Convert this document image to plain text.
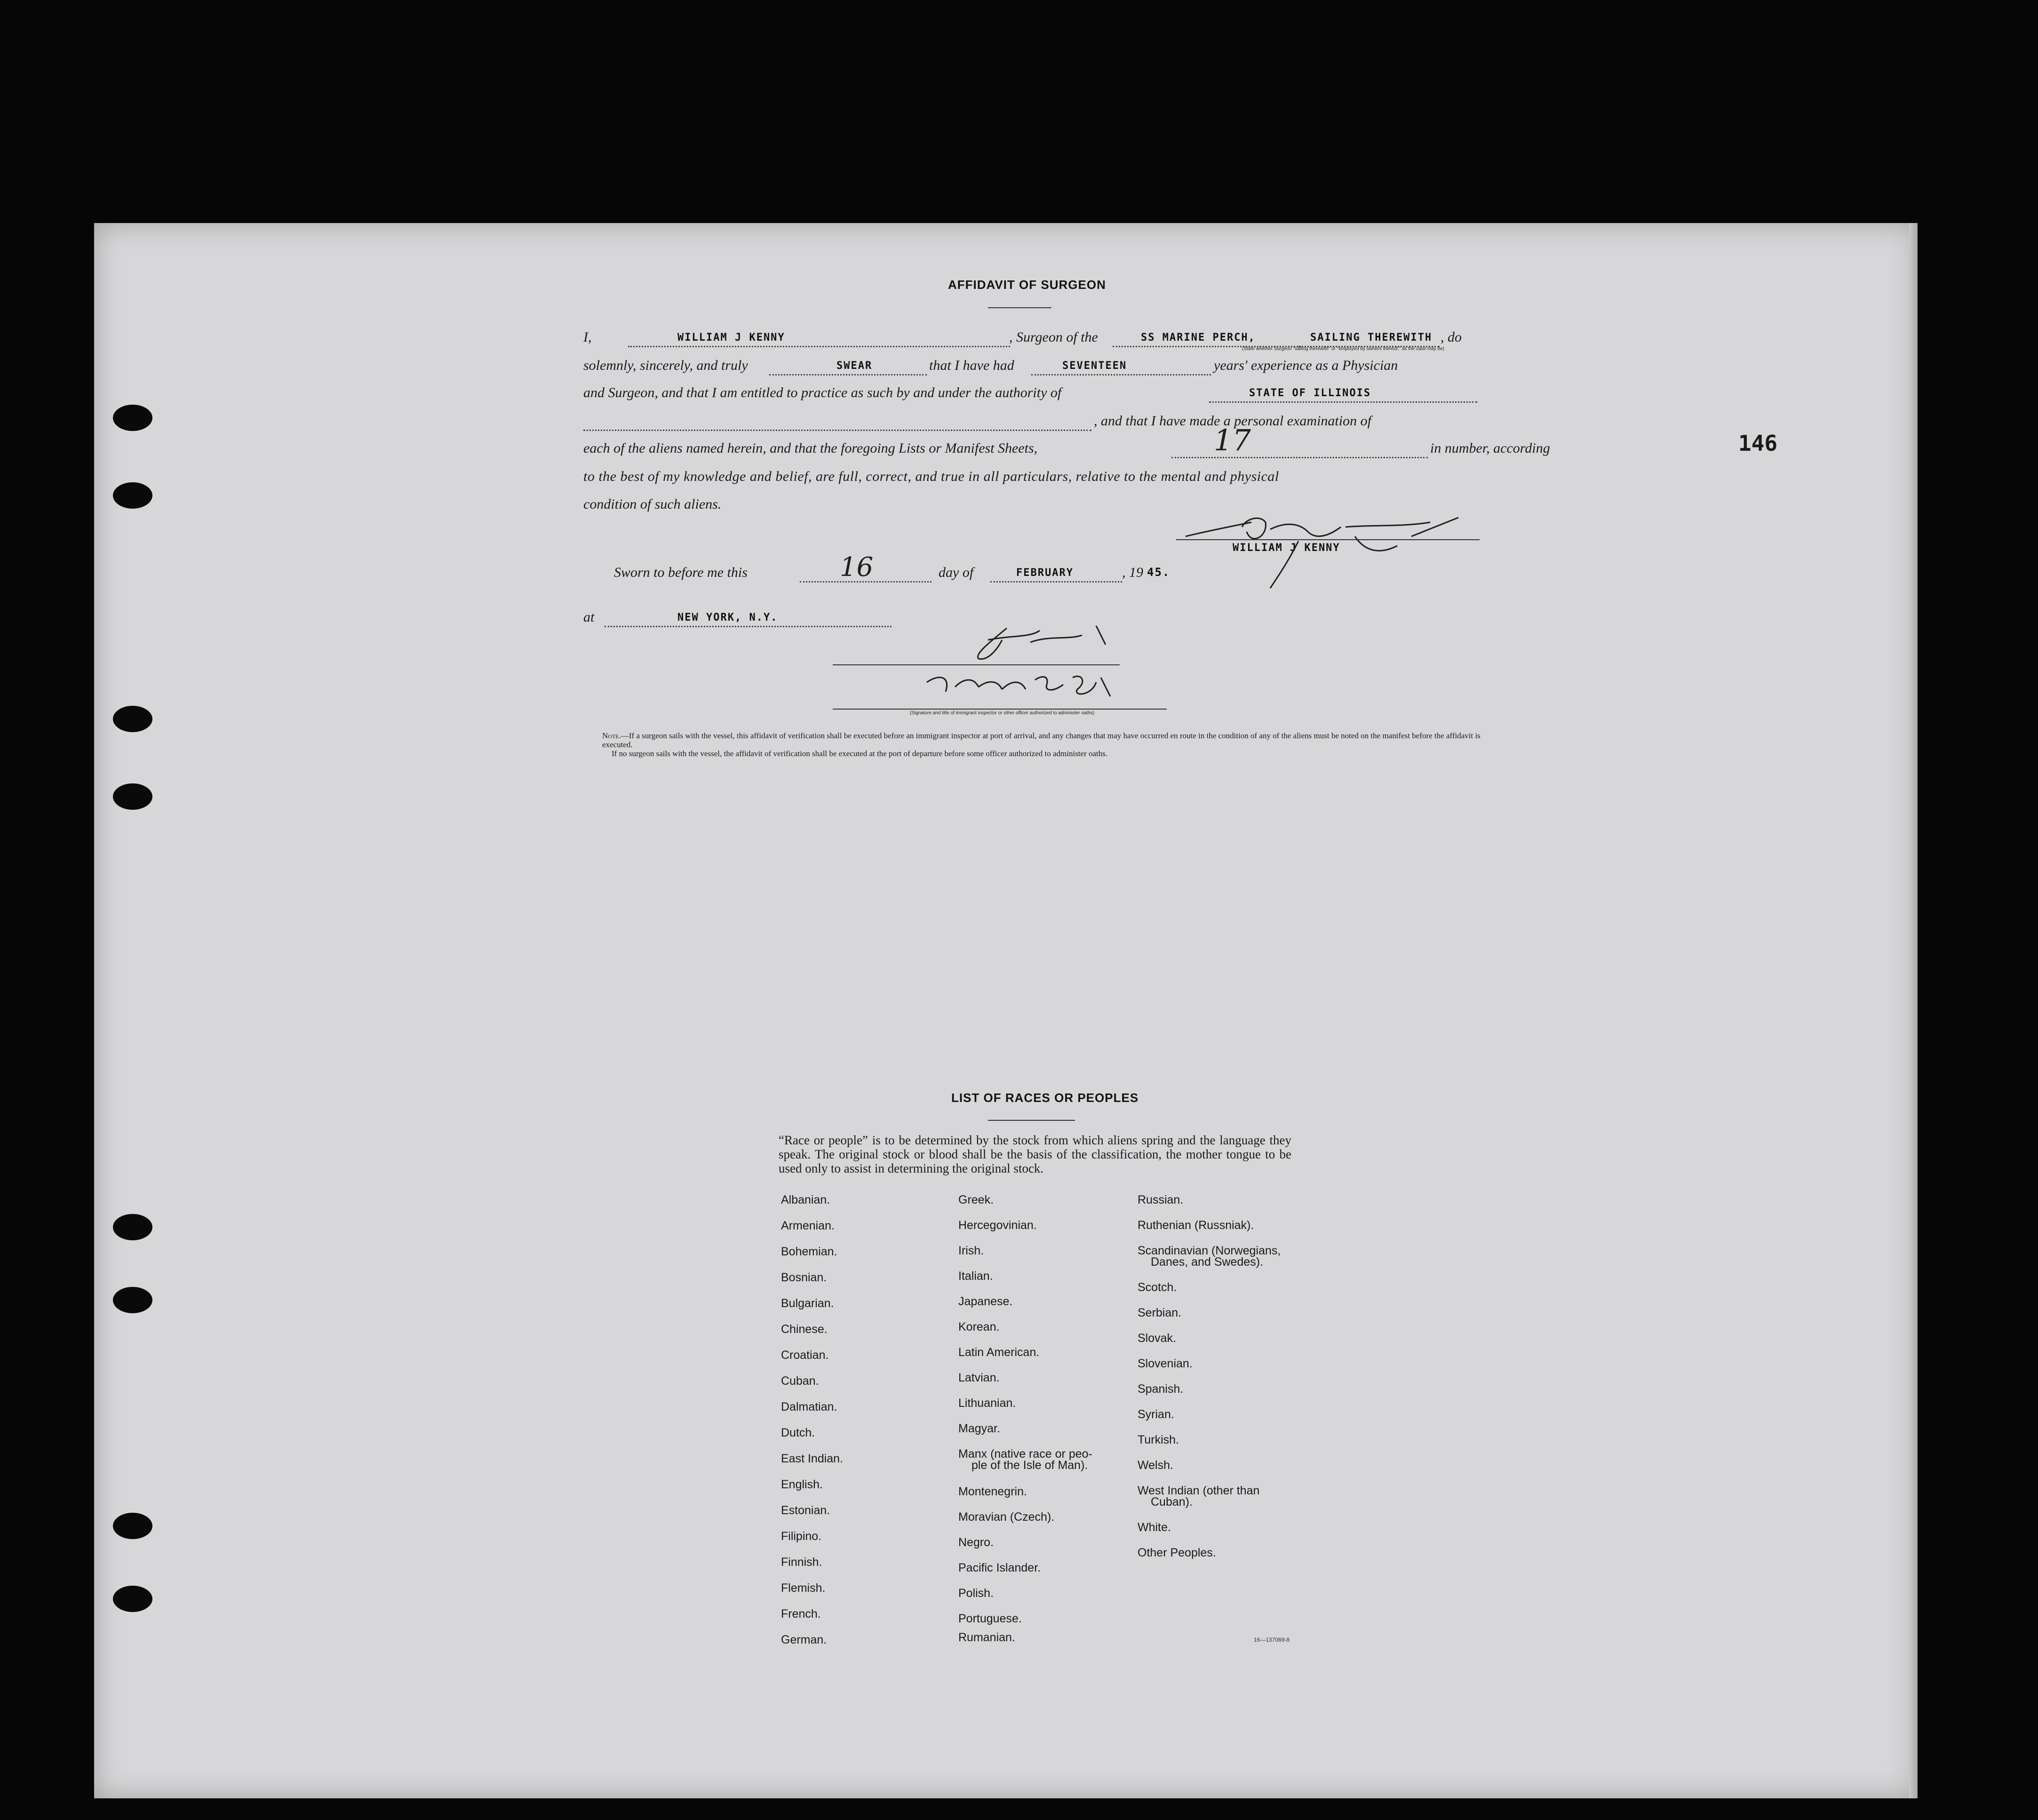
146
AFFIDAVIT OF SURGEON
I,	WILLIAM J KENNY	, Surgeon of the	SS MARINE PERCH,	SAILING THEREWITH , do
(State whether Surgeon "sailing therewith" or "employed by owners thereof," as the case may be)
solemnly, sincerely, and truly	SWEAR	that I have had	SEVENTEEN	years' experience as a Physician
and Surgeon, and that I am entitled to practice as such by and under the authority of	STATE OF ILLINOIS
, and that I have made a personal examination of
each of the aliens named herein, and that the foregoing Lists or Manifest Sheets,	17	in number, according
to the best of my knowledge and belief, are full, correct, and true in all particulars, relative to the mental and physical
condition of such aliens.
WILLIAM J KENNY
Sworn to before me this	16	day of	FEBRUARY	, 19 45.
at	NEW YORK, N.Y.
(Signature and title of immigrant inspector or other officer authorized to administer oaths)

Note.—If a surgeon sails with the vessel, this affidavit of verification shall be executed before an immigrant inspector at port of arrival, and any changes that may have occurred en route in the condition of any of the aliens must be noted on the manifest before the affidavit is executed.

If no surgeon sails with the vessel, the affidavit of verification shall be executed at the port of departure before some officer authorized to administer oaths.

LIST OF RACES OR PEOPLES
“Race or people” is to be determined by the stock from which aliens spring and the language they speak. The original stock or blood shall be the basis of the classification, the mother tongue to be used only to assist in determining the original stock.
Albanian.
Armenian.
Bohemian.
Bosnian.
Bulgarian.
Chinese.
Croatian.
Cuban.
Dalmatian.
Dutch.
East Indian.
English.
Estonian.
Filipino.
Finnish.
Flemish.
French.
German.
Greek.
Hercegovinian.
Irish.
Italian.
Japanese.
Korean.
Latin American.
Latvian.
Lithuanian.
Magyar.
Manx (native race or peo-
ple of the Isle of Man).
Montenegrin.
Moravian (Czech).
Negro.
Pacific Islander.
Polish.
Portuguese.
Rumanian.
Russian.
Ruthenian (Russniak).
Scandinavian (Norwegians,
Danes, and Swedes).
Scotch.
Serbian.
Slovak.
Slovenian.
Spanish.
Syrian.
Turkish.
Welsh.
West Indian (other than
Cuban).
White.
Other Peoples.
16—137069-8
